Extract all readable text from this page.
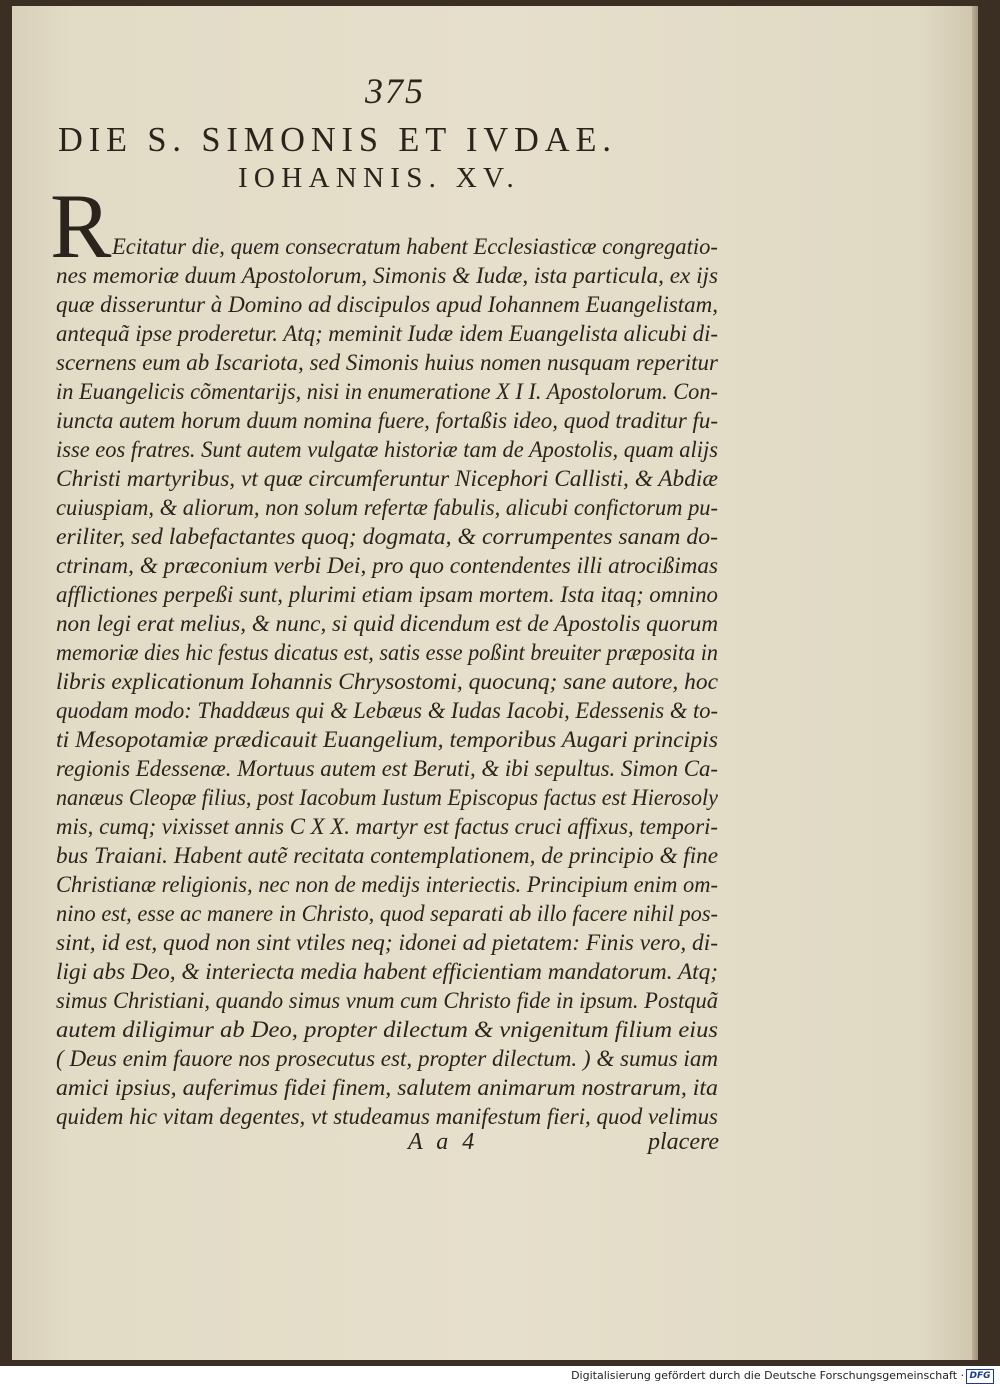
375
DIE S. SIMONIS ET IVDAE.
IOHANNIS. XV.
R Ecitatur die, quem consecratum habent Ecclesiasticæ congregatio-
nes memoriæ duum Apostolorum, Simonis & Iudæ, ista particula, ex ijs
quæ disseruntur à Domino ad discipulos apud Iohannem Euangelistam,
antequã ipse proderetur. Atq; meminit Iudæ idem Euangelista alicubi di-
scernens eum ab Iscariota, sed Simonis huius nomen nusquam reperitur
in Euangelicis cõmentarijs, nisi in enumeratione X I I. Apostolorum. Con-
iuncta autem horum duum nomina fuere, fortaßis ideo, quod traditur fu-
isse eos fratres. Sunt autem vulgatæ historiæ tam de Apostolis, quam alijs
Christi martyribus, vt quæ circumferuntur Nicephori Callisti, & Abdiæ
cuiuspiam, & aliorum, non solum refertæ fabulis, alicubi confictorum pu-
eriliter, sed labefactantes quoq; dogmata, & corrumpentes sanam do-
ctrinam, & præconium verbi Dei, pro quo contendentes illi atrocißimas
afflictiones perpeßi sunt, plurimi etiam ipsam mortem. Ista itaq; omnino
non legi erat melius, & nunc, si quid dicendum est de Apostolis quorum
memoriæ dies hic festus dicatus est, satis esse poßint breuiter præposita in
libris explicationum Iohannis Chrysostomi, quocunq; sane autore, hoc
quodam modo: Thaddæus qui & Lebæus & Iudas Iacobi, Edessenis & to-
ti Mesopotamiæ prædicauit Euangelium, temporibus Augari principis
regionis Edessenæ. Mortuus autem est Beruti, & ibi sepultus. Simon Ca-
nanæus Cleopæ filius, post Iacobum Iustum Episcopus factus est Hierosoly
mis, cumq; vixisset annis C X X. martyr est factus cruci affixus, tempori-
bus Traiani. Habent autẽ recitata contemplationem, de principio & fine
Christianæ religionis, nec non de medijs interiectis. Principium enim om-
nino est, esse ac manere in Christo, quod separati ab illo facere nihil pos-
sint, id est, quod non sint vtiles neq; idonei ad pietatem: Finis vero, di-
ligi abs Deo, & interiecta media habent efficientiam mandatorum. Atq;
simus Christiani, quando simus vnum cum Christo fide in ipsum. Postquã
autem diligimur ab Deo, propter dilectum & vnigenitum filium eius
( Deus enim fauore nos prosecutus est, propter dilectum. ) & sumus iam
amici ipsius, auferimus fidei finem, salutem animarum nostrarum, ita
quidem hic vitam degentes, vt studeamus manifestum fieri, quod velimus
A a 4	placere
Digitalisierung gefördert durch die Deutsche Forschungsgemeinschaft · DFG
